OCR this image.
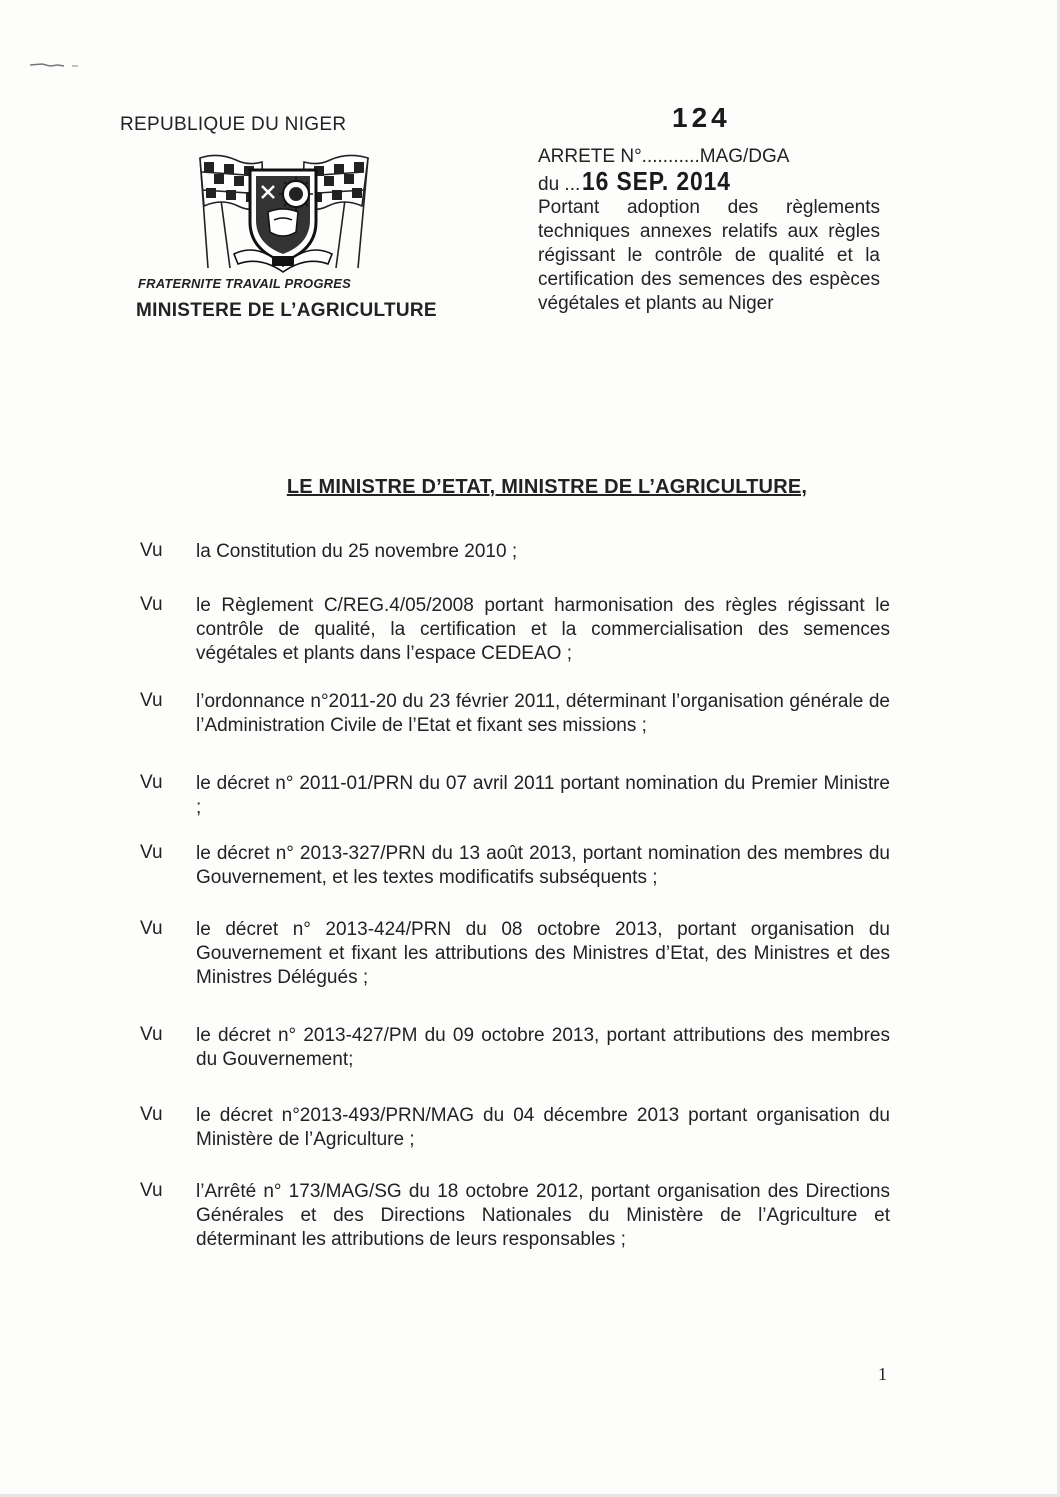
REPUBLIQUE DU NIGER
FRATERNITE TRAVAIL PROGRES
MINISTERE DE L’AGRICULTURE
124
ARRETE N°...........MAG/DGA
du ...16 SEP. 2014
Portant adoption des règlements techniques annexes relatifs aux règles régissant le contrôle de qualité et la certification des semences des espèces végétales et plants au Niger
LE MINISTRE D’ETAT, MINISTRE DE L’AGRICULTURE,
Vu la Constitution du 25 novembre 2010 ;
Vu le Règlement C/REG.4/05/2008 portant harmonisation des règles régissant le contrôle de qualité, la certification et la commercialisation des semences végétales et plants dans l’espace CEDEAO ;
Vu l’ordonnance n°2011-20 du 23 février 2011, déterminant l’organisation générale de l’Administration Civile de l’Etat et fixant ses missions ;
Vu le décret n° 2011-01/PRN du 07 avril 2011 portant nomination du Premier Ministre ;
Vu le décret n° 2013-327/PRN du 13 août 2013, portant nomination des membres du Gouvernement, et les textes modificatifs subséquents ;
Vu le décret n° 2013-424/PRN du 08 octobre 2013, portant organisation du Gouvernement et fixant les attributions des Ministres d’Etat, des Ministres et des Ministres Délégués ;
Vu le décret n° 2013-427/PM du 09 octobre 2013, portant attributions des membres du Gouvernement;
Vu le décret n°2013-493/PRN/MAG du 04 décembre 2013 portant organisation du Ministère de l’Agriculture ;
Vu l’Arrêté n° 173/MAG/SG du 18 octobre 2012, portant organisation des Directions Générales et des Directions Nationales du Ministère de l’Agriculture et déterminant les attributions de leurs responsables ;
1
